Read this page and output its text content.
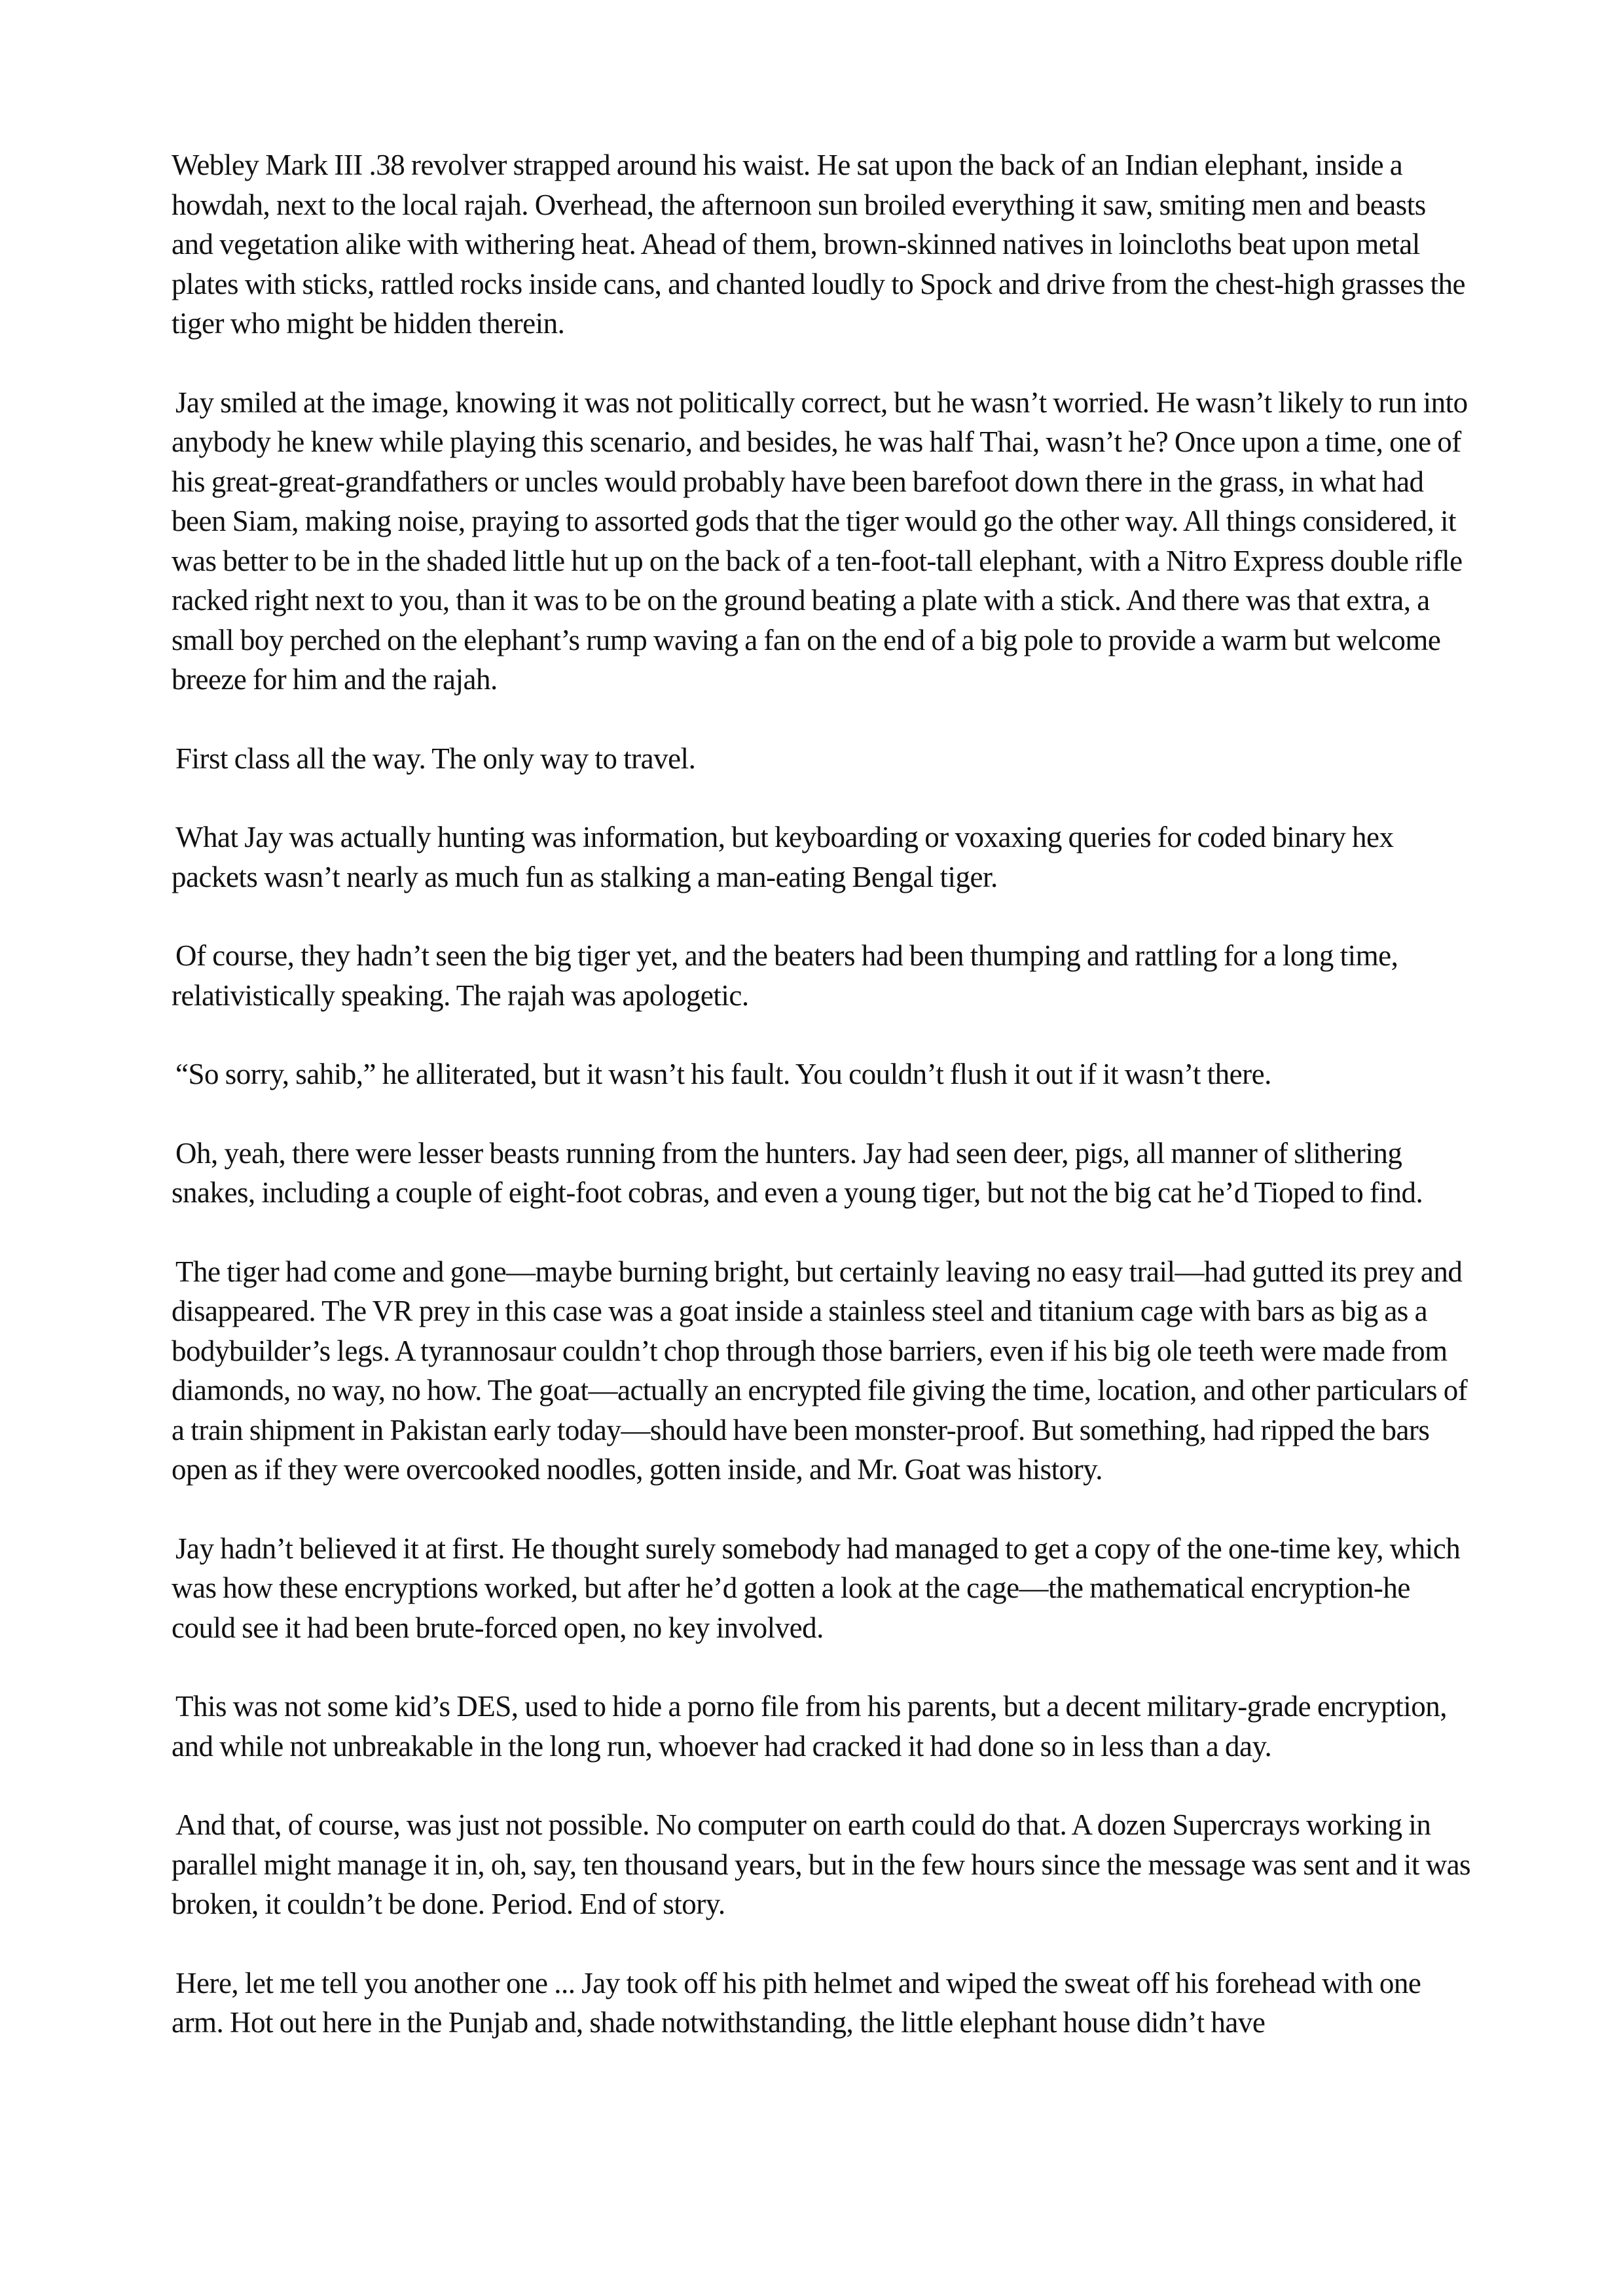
Webley Mark III .38 revolver strapped around his waist. He sat upon the back of an Indian elephant, inside a howdah, next to the local rajah. Overhead, the afternoon sun broiled everything it saw, smiting men and beasts and vegetation alike with withering heat. Ahead of them, brown-skinned natives in loincloths beat upon metal plates with sticks, rattled rocks inside cans, and chanted loudly to Spock and drive from the chest-high grasses the tiger who might be hidden therein.

Jay smiled at the image, knowing it was not politically correct, but he wasn’t worried. He wasn’t likely to run into anybody he knew while playing this scenario, and besides, he was half Thai, wasn’t he? Once upon a time, one of his great-great-grandfathers or uncles would probably have been barefoot down there in the grass, in what had been Siam, making noise, praying to assorted gods that the tiger would go the other way. All things considered, it was better to be in the shaded little hut up on the back of a ten-foot-tall elephant, with a Nitro Express double rifle racked right next to you, than it was to be on the ground beating a plate with a stick. And there was that extra, a small boy perched on the elephant’s rump waving a fan on the end of a big pole to provide a warm but welcome breeze for him and the rajah.

First class all the way. The only way to travel.

What Jay was actually hunting was information, but keyboarding or voxaxing queries for coded binary hex packets wasn’t nearly as much fun as stalking a man-eating Bengal tiger.

Of course, they hadn’t seen the big tiger yet, and the beaters had been thumping and rattling for a long time, relativistically speaking. The rajah was apologetic.

“So sorry, sahib,” he alliterated, but it wasn’t his fault. You couldn’t flush it out if it wasn’t there.

Oh, yeah, there were lesser beasts running from the hunters. Jay had seen deer, pigs, all manner of slithering snakes, including a couple of eight-foot cobras, and even a young tiger, but not the big cat he’d Tioped to find.

The tiger had come and gone—maybe burning bright, but certainly leaving no easy trail—had gutted its prey and disappeared. The VR prey in this case was a goat inside a stainless steel and titanium cage with bars as big as a bodybuilder’s legs. A tyrannosaur couldn’t chop through those barriers, even if his big ole teeth were made from diamonds, no way, no how. The goat—actually an encrypted file giving the time, location, and other particulars of a train shipment in Pakistan early today—should have been monster-proof. But something, had ripped the bars open as if they were overcooked noodles, gotten inside, and Mr. Goat was history.

Jay hadn’t believed it at first. He thought surely somebody had managed to get a copy of the one-time key, which was how these encryptions worked, but after he’d gotten a look at the cage—the mathematical encryption-he could see it had been brute-forced open, no key involved.

This was not some kid’s DES, used to hide a porno file from his parents, but a decent military-grade encryption, and while not unbreakable in the long run, whoever had cracked it had done so in less than a day.

And that, of course, was just not possible. No computer on earth could do that. A dozen Supercrays working in parallel might manage it in, oh, say, ten thousand years, but in the few hours since the message was sent and it was broken, it couldn’t be done. Period. End of story.

Here, let me tell you another one ... Jay took off his pith helmet and wiped the sweat off his forehead with one arm. Hot out here in the Punjab and, shade notwithstanding, the little elephant house didn’t have
